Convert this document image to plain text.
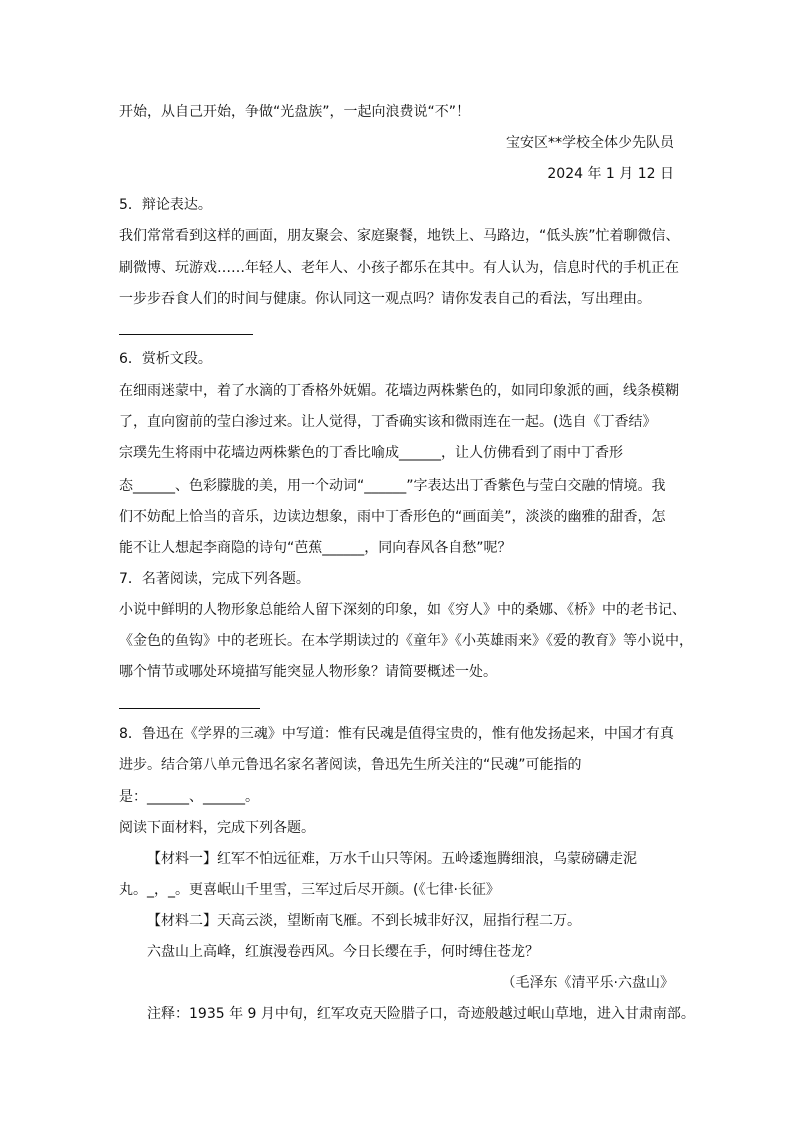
开始，从自己开始，争做“光盘族”，一起向浪费说“不”！
宝安区**学校全体少先队员
2024 年 1 月 12 日
5．辩论表达。
我们常常看到这样的画面，朋友聚会、家庭聚餐，地铁上、马路边，“低头族”忙着聊微信、
刷微博、玩游戏……年轻人、老年人、小孩子都乐在其中。有人认为，信息时代的手机正在
一步步吞食人们的时间与健康。你认同这一观点吗？请你发表自己的看法，写出理由。
6．赏析文段。
在细雨迷蒙中，着了水滴的丁香格外妩媚。花墙边两株紫色的，如同印象派的画，线条模糊
了，直向窗前的莹白渗过来。让人觉得，丁香确实该和微雨连在一起。(选自《丁香结》
宗璞先生将雨中花墙边两株紫色的丁香比喻成______，让人仿佛看到了雨中丁香形
态______、色彩朦胧的美，用一个动词“______”字表达出丁香紫色与莹白交融的情境。我
们不妨配上恰当的音乐，边读边想象，雨中丁香形色的“画面美”，淡淡的幽雅的甜香，怎
能不让人想起李商隐的诗句“芭蕉______，同向春风各自愁”呢？
7．名著阅读，完成下列各题。
小说中鲜明的人物形象总能给人留下深刻的印象，如《穷人》中的桑娜、《桥》中的老书记、
《金色的鱼钩》中的老班长。在本学期读过的《童年》《小英雄雨来》《爱的教育》等小说中，
哪个情节或哪处环境描写能突显人物形象？请简要概述一处。
8．鲁迅在《学界的三魂》中写道：惟有民魂是值得宝贵的，惟有他发扬起来，中国才有真
进步。结合第八单元鲁迅名家名著阅读，鲁迅先生所关注的“民魂”可能指的
是：______、______。
阅读下面材料，完成下列各题。
【材料一】红军不怕远征难，万水千山只等闲。五岭逶迤腾细浪，乌蒙磅礴走泥
丸。_，_。更喜岷山千里雪，三军过后尽开颜。(《七律·长征》
【材料二】天高云淡，望断南飞雁。不到长城非好汉，屈指行程二万。
六盘山上高峰，红旗漫卷西风。今日长缨在手，何时缚住苍龙？
（毛泽东《清平乐·六盘山》
注释：1935 年 9 月中旬，红军攻克天险腊子口，奇迹般越过岷山草地，进入甘肃南部。
